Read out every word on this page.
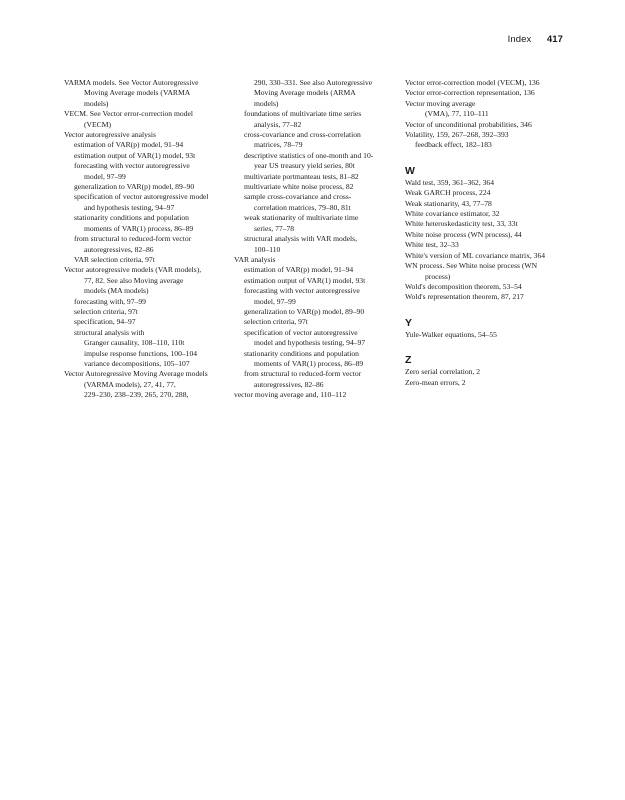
Index 417
VARMA models. See Vector Autoregressive
Moving Average models (VARMA
models)
VECM. See Vector error-correction model
(VECM)
Vector autoregressive analysis
estimation of VAR(p) model, 91–94
estimation output of VAR(1) model, 93t
forecasting with vector autoregressive
model, 97–99
generalization to VAR(p) model, 89–90
specification of vector autoregressive model
and hypothesis testing, 94–97
stationarity conditions and population
moments of VAR(1) process, 86–89
from structural to reduced-form vector
autoregressives, 82–86
VAR selection criteria, 97t
Vector autoregressive models (VAR models),
77, 82. See also Moving average
models (MA models)
forecasting with, 97–99
selection criteria, 97t
specification, 94–97
structural analysis with
Granger causality, 108–110, 110t
impulse response functions, 100–104
variance decompositions, 105–107
Vector Autoregressive Moving Average models
(VARMA models), 27, 41, 77,
229–230, 238–239, 265, 270, 288,
290, 330–331. See also Autoregressive
Moving Average models (ARMA
models)
foundations of multivariate time series
analysis, 77–82
cross-covariance and cross-correlation
matrices, 78–79
descriptive statistics of one-month and 10-
year US treasury yield series, 80t
multivariate portmanteau tests, 81–82
multivariate white noise process, 82
sample cross-covariance and cross-
correlation matrices, 79–80, 81t
weak stationarity of multivariate time
series, 77–78
structural analysis with VAR models,
100–110
VAR analysis
estimation of VAR(p) model, 91–94
estimation output of VAR(1) model, 93t
forecasting with vector autoregressive
model, 97–99
generalization to VAR(p) model, 89–90
selection criteria, 97t
specification of vector autoregressive
model and hypothesis testing, 94–97
stationarity conditions and population
moments of VAR(1) process, 86–89
from structural to reduced-form vector
autoregressives, 82–86
vector moving average and, 110–112
Vector error-correction model (VECM), 136
Vector error-correction representation, 136
Vector moving average
(VMA), 77, 110–111
Vector of unconditional probabilities, 346
Volatility, 159, 267–268, 392–393
feedback effect, 182–183
W
Wald test, 359, 361–362, 364
Weak GARCH process, 224
Weak stationarity, 43, 77–78
White covariance estimator, 32
White heteroskedasticity test, 33, 33t
White noise process (WN process), 44
White test, 32–33
White's version of ML covariance matrix, 364
WN process. See White noise process (WN
process)
Wold's decomposition theorem, 53–54
Wold's representation theorem, 87, 217
Y
Yule-Walker equations, 54–55
Z
Zero serial correlation, 2
Zero-mean errors, 2
